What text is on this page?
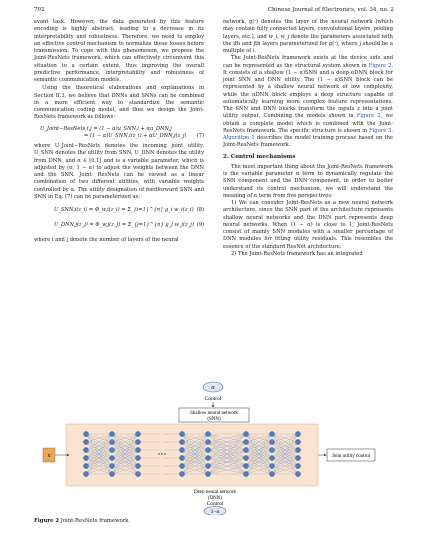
702	Chinese Journal of Electronics, vol. 34, no. 2

evant task. However, the data generated by this feature encoding is highly abstract, leading to a decrease in its interpretability and robustness. Therefore, we need to employ an effective control mechanism to normalize these losses before transmission. To cope with this phenomenon, we propose the Joint-ResNets framework, which can effectively circumvent this situation to a certain extent, thus improving the overall predictive performance, interpretability and robustness of semantic communication models.

Using the theoretical elaborations and explanations in Section II.3, we believe that DNNs and SNNs can be combined in a more efficient way to standardize the semantic communication coding model, and thus we design the Joint- ResNets framework as follows:

U_Joint−ResNets,i,j = (1 − α)u_SNN,i + αu_DNN,j
= (1 − α)U_SNN,i(z_i) + αU_DNN,j(z_j) (7)

where U_Joint−ResNets denotes the incoming joint utility, U_SNN denotes the utility from SNN, U_DNN denotes the utility from DNN, and α ∈ [0,1] and is a variable parameter, which is adjusted by (α, 1 − α) to adjust the weights between the DNN and the SNN. Joint- ResNets can be viewed as a linear combination of two different utilities, with variable weights controlled by α. The utility designation of feedforward SNN and SNN in Eq. (7) can be parameterized as:

U_SNN,i(z_i) = Φ_w,i(z_i) = Σ_{i=1}^{n} g_i w_i(z_i) (8)
U_DNN,j(z_j) = Φ_w,j(z_j) = Σ_{j=1}^{n} g_j w_j(z_j) (9)

where i and j denote the number of layers of the neural

network, g(·) denotes the layer of the neural network (which may contain fully connected layers, convolutional layers, pooling layers, etc.), and w_i, w_j denote the parameters associated with the ith and jth layers parameterized for g(·), where j should be a multiple of i.

The Joint-ResNets framework exists at the device side and can be represented as the structural system shown in Figure 2. It consists of a shallow (1 − α)SNN and a deep αDNN block for joint SNN and DNN utility. The (1 − α)SNN block can be represented by a shallow neural network of low complexity, while the αDNN block employs a deep structure capable of automatically learning more complex feature representations. The SNN and DNN blocks transform the inputs z into a joint utility output. Combining the models shown in Figure 2, we obtain a complete model which is combined with the Joint-ResNets framework. The specific structure is shown in Figure 3. Algorithm 1 describes the model training process based on the Joint-ResNets framework.

2. Control mechanisms

The most important thing about the Joint-ResNets framework is the variable parameter α term to dynamically regulate the SNN component and the DNN component, in order to better understand its control mechanism, we will understand the meaning of α term from five perspectives:

1) We can consider Joint-ResNets as a new neural network architecture, since the SNN part of the architecture represents shallow neural networks and the DNN part represents deep neural networks. When (1 − α) is close to 1, Joint-ResNets consist of mainly SNN modules with a smaller percentage of DNN modules for fitting utility residuals. This resembles the essence of the standard ResNet architecture.

2) The Joint-ResNets framework has an integrated

α
Control
Shallow neural network
(SNN)
x	Joint utility control
Deep neural network
(DNN)
Control
1−α
Figure 2 Joint-ResNets framework.
